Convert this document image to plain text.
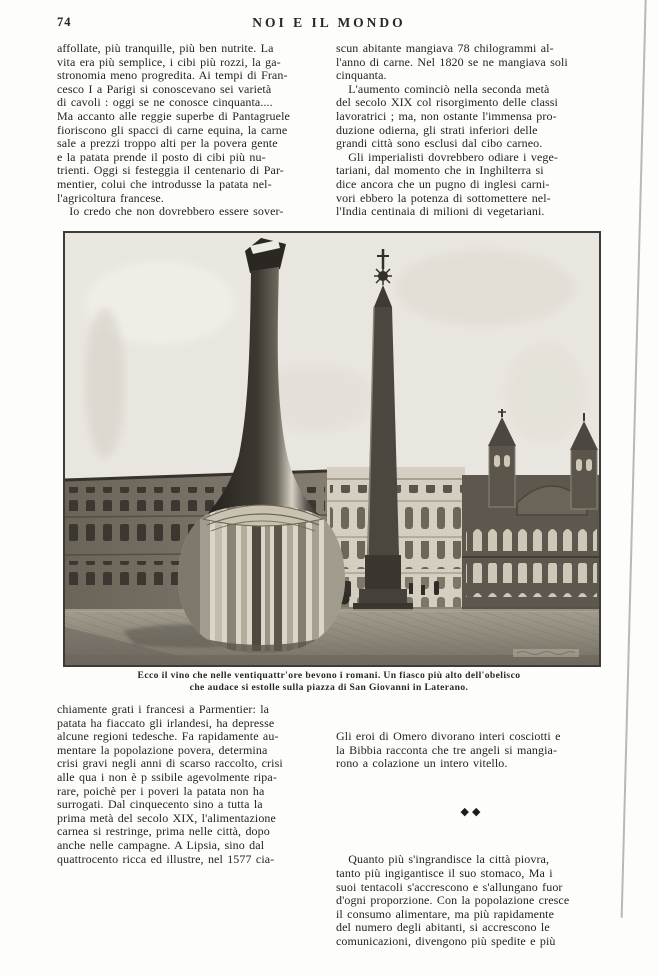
74	NOI E IL MONDO
affollate, più tranquille, più ben nutrite. La
vita era più semplice, i cibi più rozzi, la ga-
stronomia meno progredita. Ai tempi di Fran-
cesco I a Parigi si conoscevano sei varietà
di cavoli : oggi se ne conosce cinquanta....
Ma accanto alle reggie superbe di Pantagruele
fioriscono gli spacci di carne equina, la carne
sale a prezzi troppo alti per la povera gente
e la patata prende il posto di cibi più nu-
trienti. Oggi si festeggia il centenario di Par-
mentier, colui che introdusse la patata nel-
l'agricoltura francese.
  Io credo che non dovrebbero essere sover-
scun abitante mangiava 78 chilogrammi al-
l'anno di carne. Nel 1820 se ne mangiava soli
cinquanta.
  L'aumento cominciò nella seconda metà
del secolo XIX col risorgimento delle classi
lavoratrici ; ma, non ostante l'immensa pro-
duzione odierna, gli strati inferiori delle
grandi città sono esclusi dal cibo carneo.
  Gli imperialisti dovrebbero odiare i vege-
tariani, dal momento che in Inghilterra si
dice ancora che un pugno di inglesi carni-
vori ebbero la potenza di sottomettere nel-
l'India centinaia di milioni di vegetariani.
Ecco il vino che nelle ventiquattr'ore bevono i romani. Un fiasco più alto dell'obelisco
che audace si estolle sulla piazza di San Giovanni in Laterano.
chiamente grati i francesi a Parmentier: la
patata ha fiaccato gli irlandesi, ha depresse
alcune regioni tedesche. Fa rapidamente au-
mentare la popolazione povera, determina
crisi gravi negli anni di scarso raccolto, crisi
alle qua i non è p ssibile agevolmente ripa-
rare, poichè per i poveri la patata non ha
surrogati. Dal cinquecento sino a tutta la
prima metà del secolo XIX, l'alimentazione
carnea si restringe, prima nelle città, dopo
anche nelle campagne. A Lipsia, sino dal
quattrocento ricca ed illustre, nel 1577 cia-

Gli eroi di Omero divorano interi cosciotti e
la Bibbia racconta che tre angeli si mangia-
rono a colazione un intero vitello.

◆◆

  Quanto più s'ingrandisce la città piovra,
tanto più ingigantisce il suo stomaco, Ma i
suoi tentacoli s'accrescono e s'allungano fuor
d'ogni proporzione. Con la popolazione cresce
il consumo alimentare, ma più rapidamente
del numero degli abitanti, si accrescono le
comunicazioni, divengono più spedite e più
